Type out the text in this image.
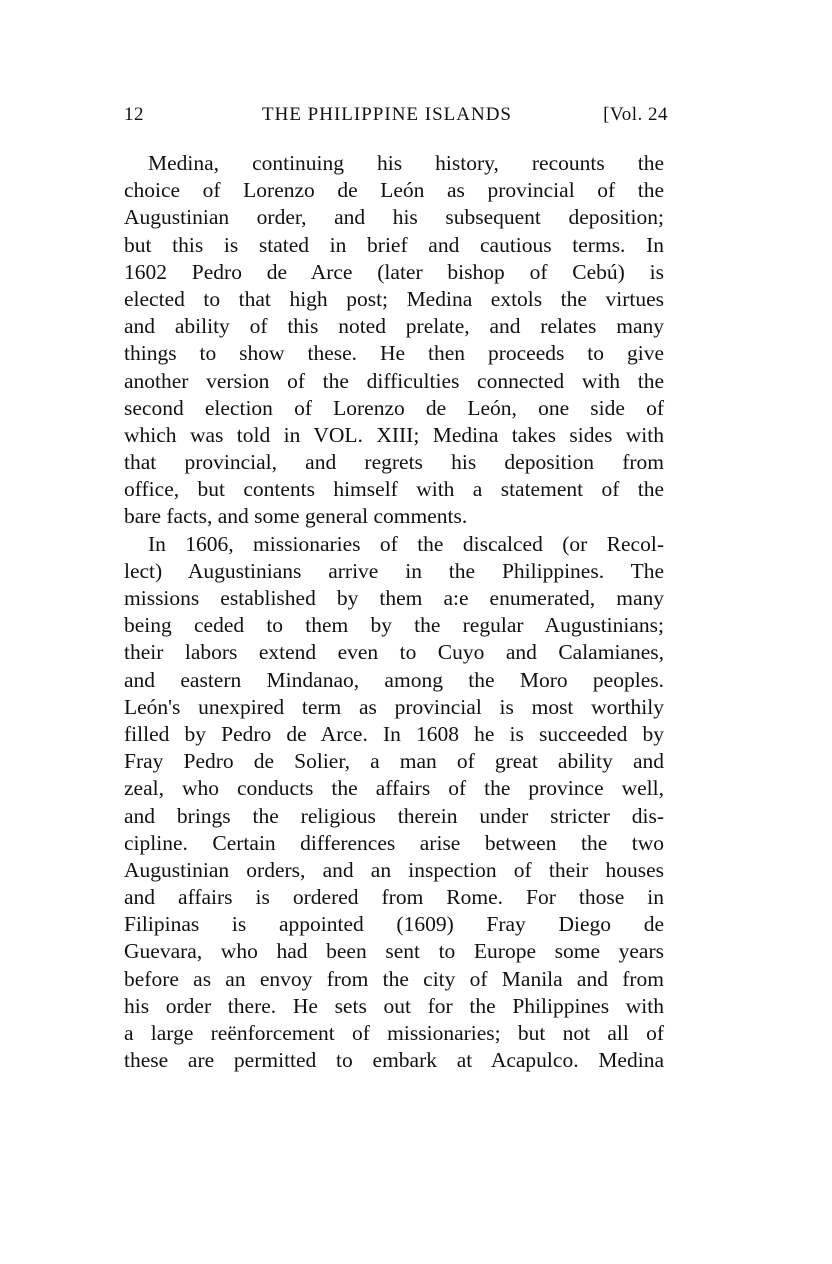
12	THE PHILIPPINE ISLANDS	[Vol. 24
Medina, continuing his history, recounts the
choice of Lorenzo de León as provincial of the
Augustinian order, and his subsequent deposition;
but this is stated in brief and cautious terms. In
1602 Pedro de Arce (later bishop of Cebú) is
elected to that high post; Medina extols the virtues
and ability of this noted prelate, and relates many
things to show these. He then proceeds to give
another version of the difficulties connected with the
second election of Lorenzo de León, one side of
which was told in VOL. XIII; Medina takes sides with
that provincial, and regrets his deposition from
office, but contents himself with a statement of the
bare facts, and some general comments.
In 1606, missionaries of the discalced (or Recol-
lect) Augustinians arrive in the Philippines. The
missions established by them a:e enumerated, many
being ceded to them by the regular Augustinians;
their labors extend even to Cuyo and Calamianes,
and eastern Mindanao, among the Moro peoples.
León's unexpired term as provincial is most worthily
filled by Pedro de Arce. In 1608 he is succeeded by
Fray Pedro de Solier, a man of great ability and
zeal, who conducts the affairs of the province well,
and brings the religious therein under stricter dis-
cipline. Certain differences arise between the two
Augustinian orders, and an inspection of their houses
and affairs is ordered from Rome. For those in
Filipinas is appointed (1609) Fray Diego de
Guevara, who had been sent to Europe some years
before as an envoy from the city of Manila and from
his order there. He sets out for the Philippines with
a large reënforcement of missionaries; but not all of
these are permitted to embark at Acapulco. Medina
